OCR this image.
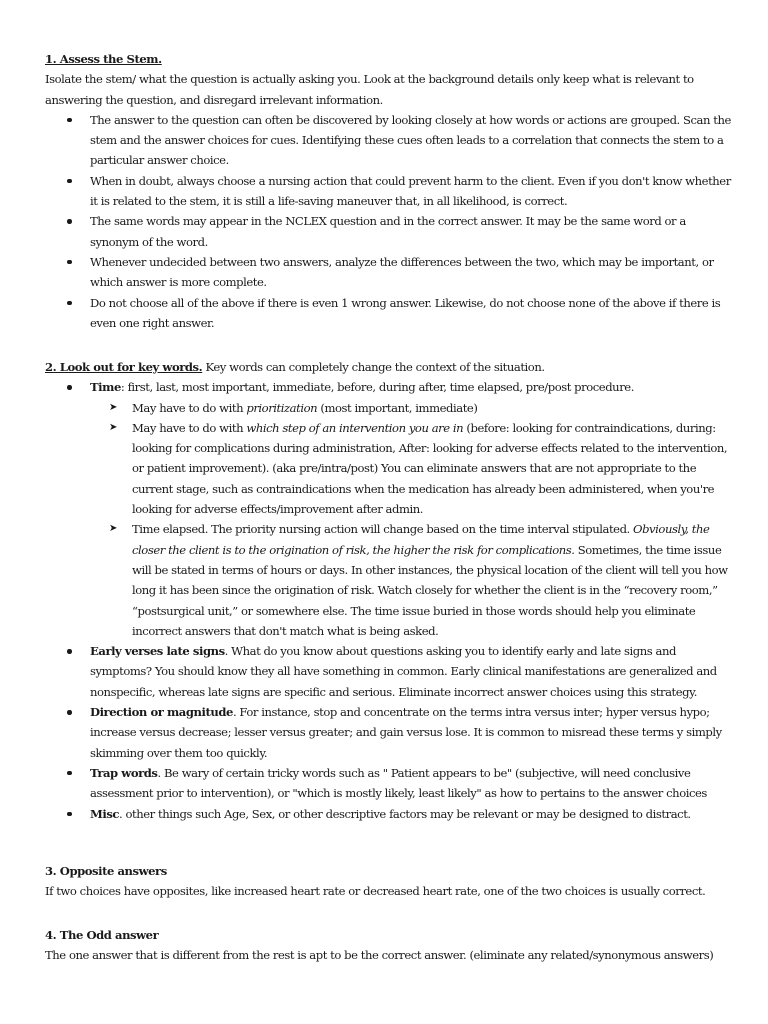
1. Assess the Stem.
Isolate the stem/ what the question is actually asking you. Look at the background details only keep what is relevant to answering the question, and disregard irrelevant information.
The answer to the question can often be discovered by looking closely at how words or actions are grouped. Scan the stem and the answer choices for cues. Identifying these cues often leads to a correlation that connects the stem to a particular answer choice.
When in doubt, always choose a nursing action that could prevent harm to the client. Even if you don't know whether it is related to the stem, it is still a life-saving maneuver that, in all likelihood, is correct.
The same words may appear in the NCLEX question and in the correct answer. It may be the same word or a synonym of the word.
Whenever undecided between two answers, analyze the differences between the two, which may be important, or which answer is more complete.
Do not choose all of the above if there is even 1 wrong answer. Likewise, do not choose none of the above if there is even one right answer.
2. Look out for key words. Key words can completely change the context of the situation.
Time: first, last, most important, immediate, before, during after, time elapsed, pre/post procedure.
➤ May have to do with prioritization (most important, immediate)
➤ May have to do with which step of an intervention you are in (before: looking for contraindications, during: looking for complications during administration, After: looking for adverse effects related to the intervention, or patient improvement). (aka pre/intra/post) You can eliminate answers that are not appropriate to the current stage, such as contraindications when the medication has already been administered, when you're looking for adverse effects/improvement after admin.
➤ Time elapsed. The priority nursing action will change based on the time interval stipulated. Obviously, the closer the client is to the origination of risk, the higher the risk for complications. Sometimes, the time issue will be stated in terms of hours or days. In other instances, the physical location of the client will tell you how long it has been since the origination of risk. Watch closely for whether the client is in the “recovery room,” “postsurgical unit,” or somewhere else. The time issue buried in those words should help you eliminate incorrect answers that don't match what is being asked.
Early verses late signs. What do you know about questions asking you to identify early and late signs and symptoms? You should know they all have something in common. Early clinical manifestations are generalized and nonspecific, whereas late signs are specific and serious. Eliminate incorrect answer choices using this strategy.
Direction or magnitude. For instance, stop and concentrate on the terms intra versus inter; hyper versus hypo; increase versus decrease; lesser versus greater; and gain versus lose. It is common to misread these terms y simply skimming over them too quickly.
Trap words. Be wary of certain tricky words such as " Patient appears to be" (subjective, will need conclusive assessment prior to intervention), or "which is mostly likely, least likely" as how to pertains to the answer choices
Misc. other things such Age, Sex, or other descriptive factors may be relevant or may be designed to distract.
3. Opposite answers
If two choices have opposites, like increased heart rate or decreased heart rate, one of the two choices is usually correct.
4. The Odd answer
The one answer that is different from the rest is apt to be the correct answer. (eliminate any related/synonymous answers)
